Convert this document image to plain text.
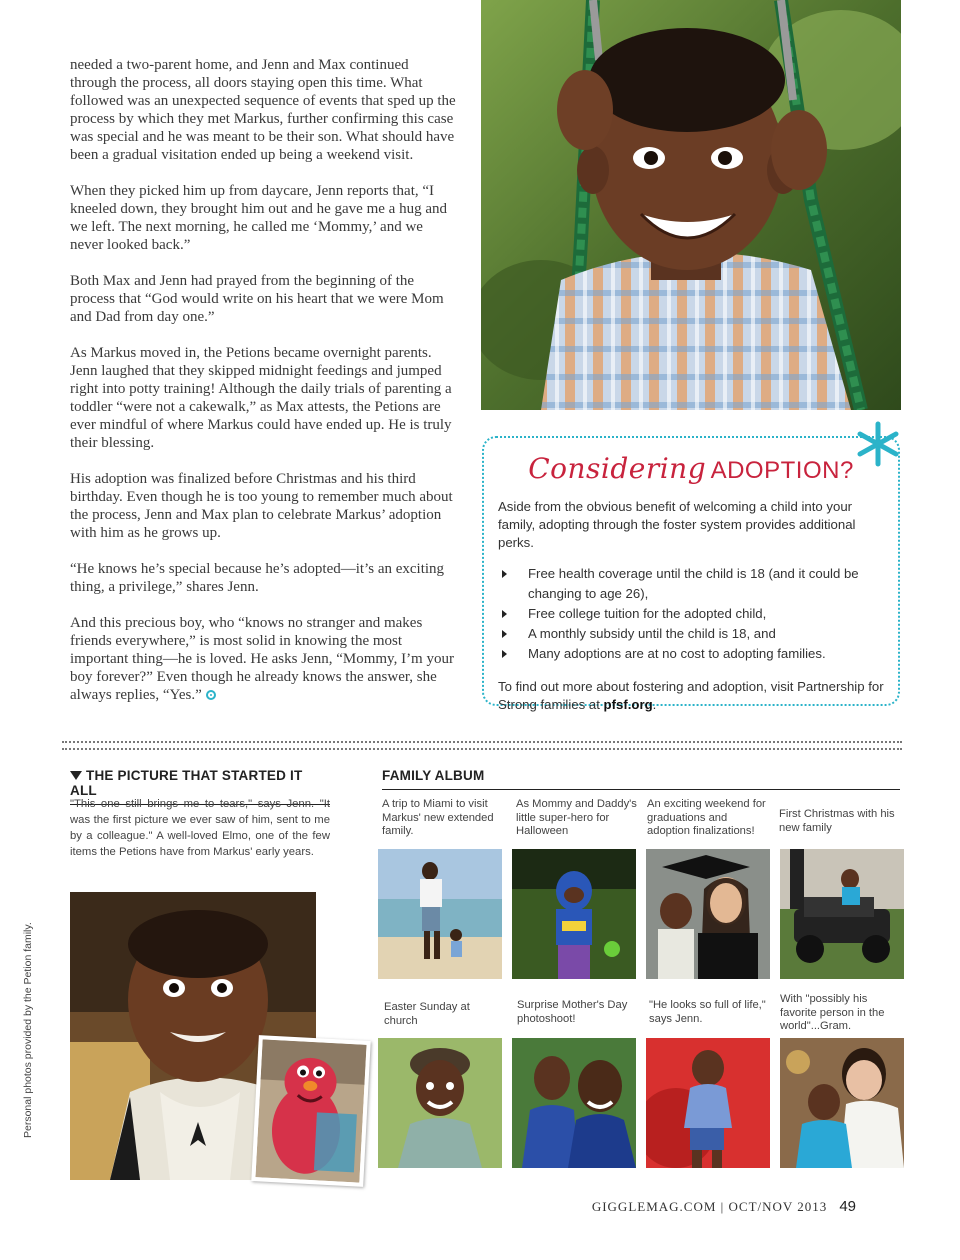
needed a two-parent home, and Jenn and Max continued through the process, all doors staying open this time. What followed was an unexpected sequence of events that sped up the process by which they met Markus, further confirming this case was special and he was meant to be their son. What should have been a gradual visitation ended up being a weekend visit.

When they picked him up from daycare, Jenn reports that, “I kneeled down, they brought him out and he gave me a hug and we left. The next morning, he called me ‘Mommy,’ and we never looked back.”

Both Max and Jenn had prayed from the beginning of the process that “God would write on his heart that we were Mom and Dad from day one.”

As Markus moved in, the Petions became overnight parents. Jenn laughed that they skipped midnight feedings and jumped right into potty training! Although the daily trials of parenting a toddler “were not a cakewalk,” as Max attests, the Petions are ever mindful of where Markus could have ended up. He is truly their blessing.

His adoption was finalized before Christmas and his third birthday. Even though he is too young to remember much about the process, Jenn and Max plan to celebrate Markus’ adoption with him as he grows up.

“He knows he’s special because he’s adopted—it’s an exciting thing, a privilege,” shares Jenn.

And this precious boy, who “knows no stranger and makes friends everywhere,” is most solid in knowing the most important thing—he is loved. He asks Jenn, “Mommy, I’m your boy forever?” Even though he already knows the answer, she always replies, “Yes.”

Considering ADOPTION?
Aside from the obvious benefit of welcoming a child into your family, adopting through the foster system provides additional perks.
Free health coverage until the child is 18 (and it could be changing to age 26),
Free college tuition for the adopted child,
A monthly subsidy until the child is 18, and
Many adoptions are at no cost to adopting families.
To find out more about fostering and adoption, visit Partnership for Strong families at pfsf.org.
THE PICTURE THAT STARTED IT ALL
"This one still brings me to tears," says Jenn. "It was the first picture we ever saw of him, sent to me by a colleague." A well-loved Elmo, one of the few items the Petions have from Markus' early years.
Personal photos provided by the Petion family.
FAMILY ALBUM
A trip to Miami to visit Markus' new extended family.
As Mommy and Daddy's little super-hero for Halloween
An exciting weekend for graduations and adoption finalizations!
First Christmas with his new family
Easter Sunday at church
Surprise Mother's Day photoshoot!
"He looks so full of life," says Jenn.
With "possibly his favorite person in the world"...Gram.
GIGGLEMAG.COM | OCT/NOV 2013 49
